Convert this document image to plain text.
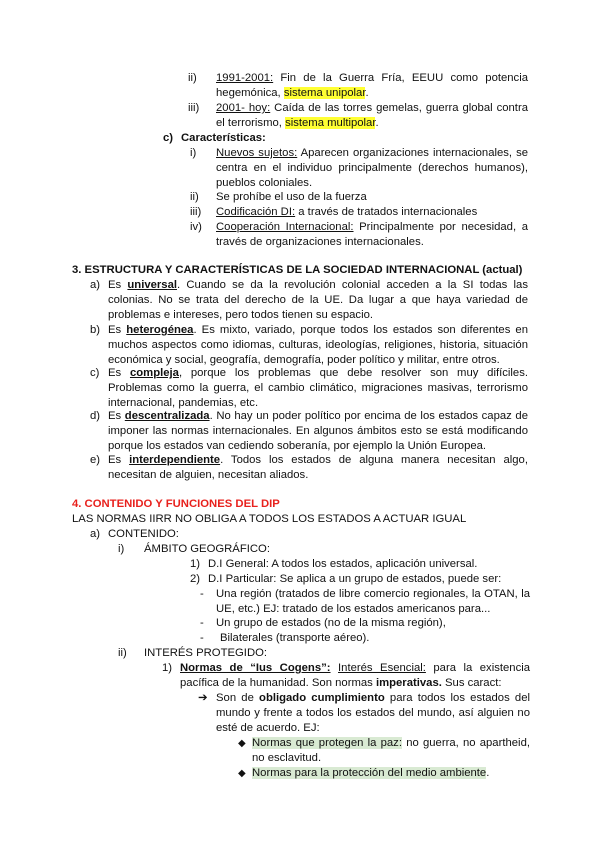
ii)	1991-2001: Fin de la Guerra Fría, EEUU como potencia hegemónica, sistema unipolar.
iii)	2001- hoy: Caída de las torres gemelas, guerra global contra el terrorismo, sistema multipolar.
c) Características:
i)	Nuevos sujetos: Aparecen organizaciones internacionales, se centra en el individuo principalmente (derechos humanos), pueblos coloniales.
ii)	Se prohíbe el uso de la fuerza
iii)	Codificación DI: a través de tratados internacionales
iv)	Cooperación Internacional: Principalmente por necesidad, a través de organizaciones internacionales.
3. ESTRUCTURA Y CARACTERÍSTICAS DE LA SOCIEDAD INTERNACIONAL (actual)
a) Es universal. Cuando se da la revolución colonial acceden a la SI todas las colonias. No se trata del derecho de la UE. Da lugar a que haya variedad de problemas e intereses, pero todos tienen su espacio.
b) Es heterogénea. Es mixto, variado, porque todos los estados son diferentes en muchos aspectos como idiomas, culturas, ideologías, religiones, historia, situación económica y social, geografía, demografía, poder político y militar, entre otros.
c) Es compleja, porque los problemas que debe resolver son muy difíciles. Problemas como la guerra, el cambio climático, migraciones masivas, terrorismo internacional, pandemias, etc.
d) Es descentralizada. No hay un poder político por encima de los estados capaz de imponer las normas internacionales. En algunos ámbitos esto se está modificando porque los estados van cediendo soberanía, por ejemplo la Unión Europea.
e) Es interdependiente. Todos los estados de alguna manera necesitan algo, necesitan de alguien, necesitan aliados.
4. CONTENIDO Y FUNCIONES DEL DIP
LAS NORMAS IIRR NO OBLIGA A TODOS LOS ESTADOS A ACTUAR IGUAL
a) CONTENIDO:
i)	ÁMBITO GEOGRÁFICO:
1) D.I General: A todos los estados, aplicación universal.
2) D.I Particular: Se aplica a un grupo de estados, puede ser:
-	Una región (tratados de libre comercio regionales, la OTAN, la UE, etc.) EJ: tratado de los estados americanos para...
-	Un grupo de estados (no de la misma región),
-	Bilaterales (transporte aéreo).
ii)	INTERÉS PROTEGIDO:
1) Normas de “Ius Cogens”: Interés Esencial: para la existencia pacífica de la humanidad. Son normas imperativas. Sus caract:
➔ Son de obligado cumplimiento para todos los estados del mundo y frente a todos los estados del mundo, así alguien no esté de acuerdo. EJ:
◆ Normas que protegen la paz: no guerra, no apartheid, no esclavitud.
◆ Normas para la protección del medio ambiente.
